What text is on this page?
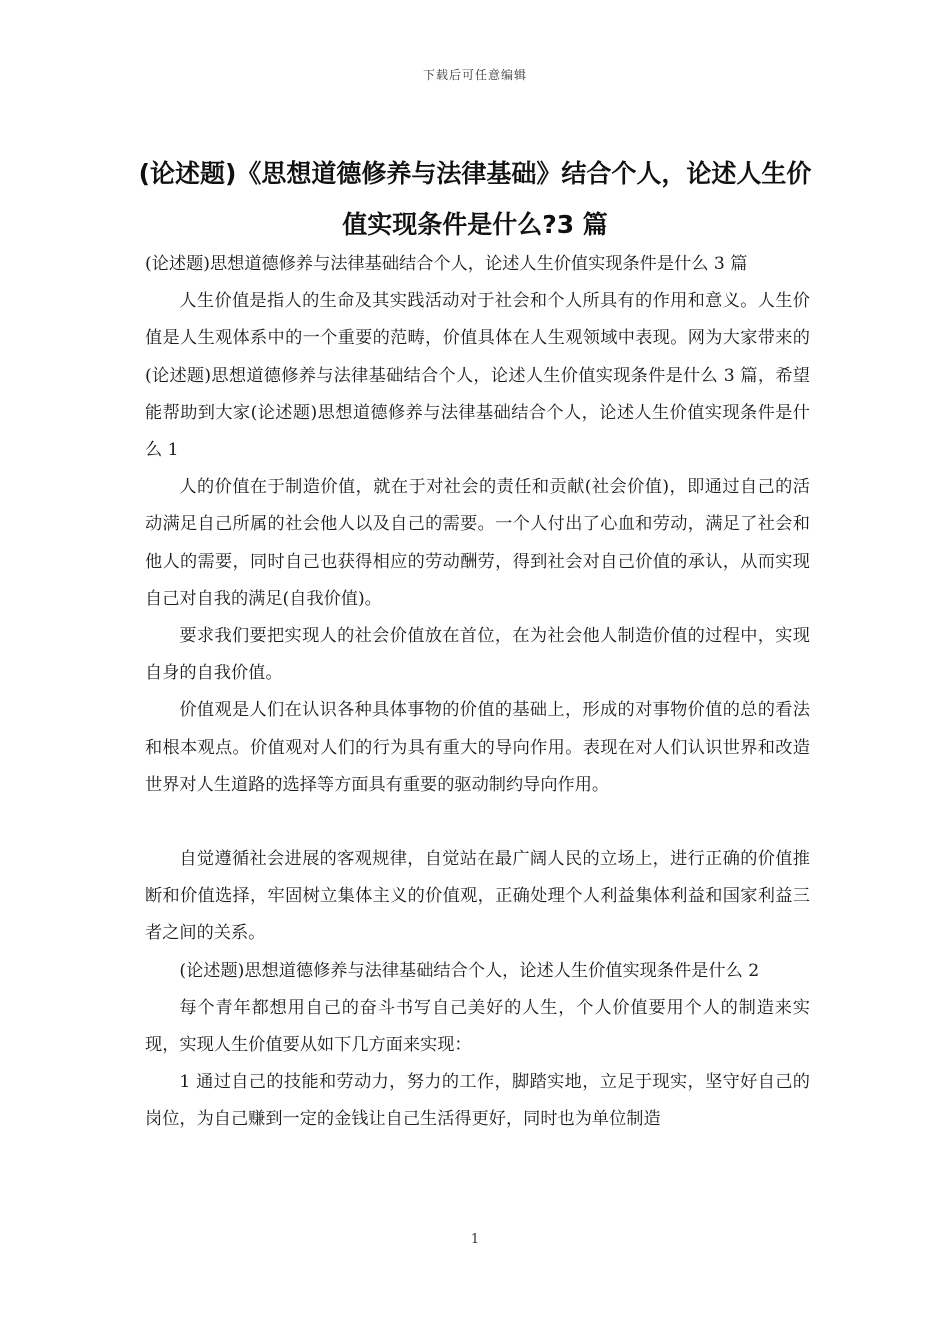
下载后可任意编辑
(论述题)《思想道德修养与法律基础》结合个人，论述人生价值实现条件是什么?3 篇

(论述题)思想道德修养与法律基础结合个人，论述人生价值实现条件是什么 3 篇

人生价值是指人的生命及其实践活动对于社会和个人所具有的作用和意义。人生价值是人生观体系中的一个重要的范畴，价值具体在人生观领域中表现。网为大家带来的(论述题)思想道德修养与法律基础结合个人，论述人生价值实现条件是什么 3 篇，希望能帮助到大家(论述题)思想道德修养与法律基础结合个人，论述人生价值实现条件是什么 1

人的价值在于制造价值，就在于对社会的责任和贡献(社会价值)，即通过自己的活动满足自己所属的社会他人以及自己的需要。一个人付出了心血和劳动，满足了社会和他人的需要，同时自己也获得相应的劳动酬劳，得到社会对自己价值的承认，从而实现自己对自我的满足(自我价值)。

要求我们要把实现人的社会价值放在首位，在为社会他人制造价值的过程中，实现自身的自我价值。

价值观是人们在认识各种具体事物的价值的基础上，形成的对事物价值的总的看法和根本观点。价值观对人们的行为具有重大的导向作用。表现在对人们认识世界和改造世界对人生道路的选择等方面具有重要的驱动制约导向作用。

自觉遵循社会进展的客观规律，自觉站在最广阔人民的立场上，进行正确的价值推断和价值选择，牢固树立集体主义的价值观，正确处理个人利益集体利益和国家利益三者之间的关系。

(论述题)思想道德修养与法律基础结合个人，论述人生价值实现条件是什么 2

每个青年都想用自己的奋斗书写自己美好的人生，个人价值要用个人的制造来实现，实现人生价值要从如下几方面来实现：

1 通过自己的技能和劳动力，努力的工作，脚踏实地，立足于现实，坚守好自己的岗位，为自己赚到一定的金钱让自己生活得更好，同时也为单位制造

1
